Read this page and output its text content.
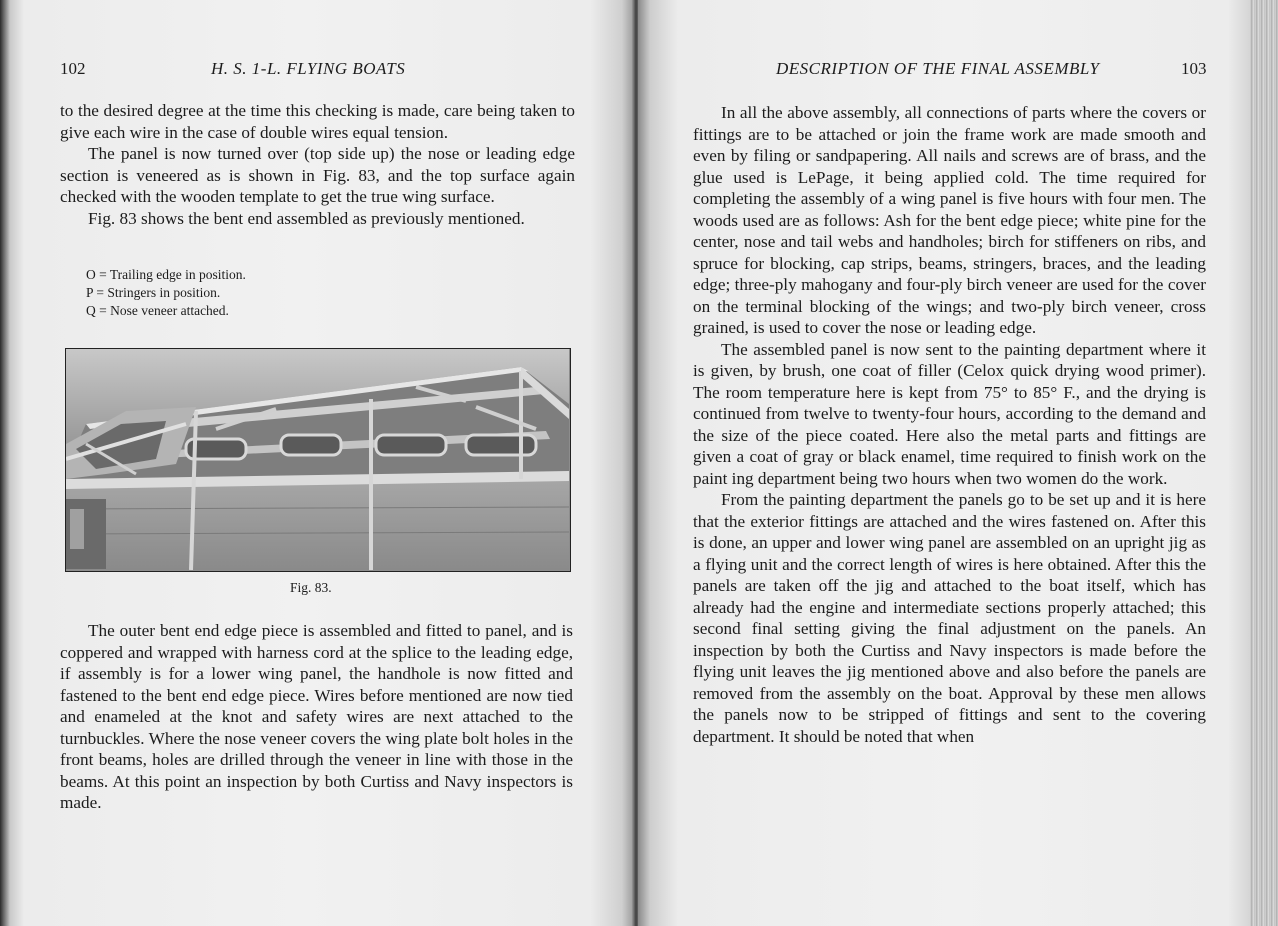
102	H. S. 1-L. FLYING BOATS

to the desired degree at the time this checking is made, care being taken to give each wire in the case of double wires equal tension.

The panel is now turned over (top side up) the nose or leading edge section is veneered as is shown in Fig. 83, and the top surface again checked with the wooden template to get the true wing surface.

Fig. 83 shows the bent end assembled as previously mentioned.

O = Trailing edge in position.
P = Stringers in position.
Q = Nose veneer attached.
Fig. 83.

The outer bent end edge piece is assembled and fitted to panel, and is coppered and wrapped with harness cord at the splice to the leading edge, if assembly is for a lower wing panel, the handhole is now fitted and fastened to the bent end edge piece. Wires before mentioned are now tied and enameled at the knot and safety wires are next attached to the turnbuckles. Where the nose veneer covers the wing plate bolt holes in the front beams, holes are drilled through the veneer in line with those in the beams. At this point an inspection by both Curtiss and Navy inspectors is made.

DESCRIPTION OF THE FINAL ASSEMBLY	103

In all the above assembly, all connections of parts where the covers or fittings are to be attached or join the frame work are made smooth and even by filing or sandpapering. All nails and screws are of brass, and the glue used is LePage, it being applied cold. The time required for completing the assembly of a wing panel is five hours with four men. The woods used are as follows: Ash for the bent edge piece; white pine for the center, nose and tail webs and handholes; birch for stiffeners on ribs, and spruce for blocking, cap strips, beams, stringers, braces, and the leading edge; three-ply mahogany and four-ply birch veneer are used for the cover on the terminal blocking of the wings; and two-ply birch veneer, cross grained, is used to cover the nose or leading edge.

The assembled panel is now sent to the painting department where it is given, by brush, one coat of filler (Celox quick drying wood primer). The room temperature here is kept from 75° to 85° F., and the drying is continued from twelve to twenty-four hours, according to the demand and the size of the piece coated. Here also the metal parts and fittings are given a coat of gray or black enamel, time required to finish work on the paint ing department being two hours when two women do the work.

From the painting department the panels go to be set up and it is here that the exterior fittings are attached and the wires fastened on. After this is done, an upper and lower wing panel are assembled on an upright jig as a flying unit and the correct length of wires is here obtained. After this the panels are taken off the jig and attached to the boat itself, which has already had the engine and intermediate sections properly attached; this second final setting giving the final adjustment on the panels. An inspection by both the Curtiss and Navy inspectors is made before the flying unit leaves the jig mentioned above and also before the panels are removed from the assembly on the boat. Approval by these men allows the panels now to be stripped of fittings and sent to the covering department. It should be noted that when
